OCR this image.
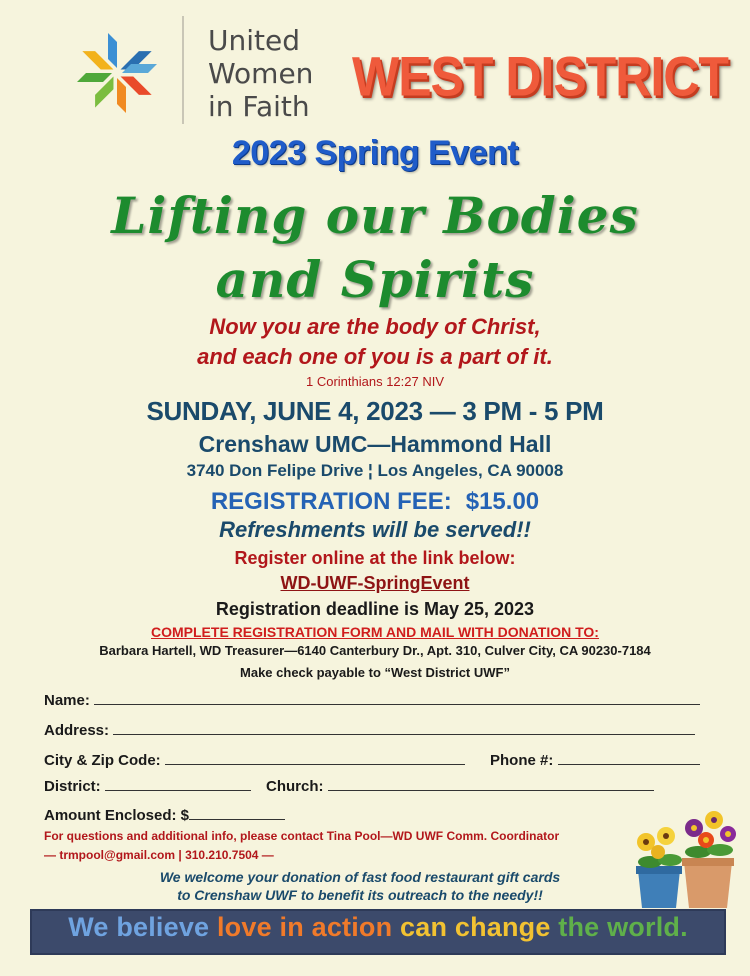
United
Women
in Faith WEST DISTRICT
2023 Spring Event
Lifting our Bodies
and Spirits
Now you are the body of Christ,
and each one of you is a part of it.
1 Corinthians 12:27 NIV
SUNDAY, JUNE 4, 2023 — 3 PM - 5 PM
Crenshaw UMC—Hammond Hall
3740 Don Felipe Drive ¦ Los Angeles, CA 90008
REGISTRATION FEE: $15.00
Refreshments will be served!!
Register online at the link below:
WD-UWF-SpringEvent
Registration deadline is May 25, 2023
COMPLETE REGISTRATION FORM AND MAIL WITH DONATION TO:
Barbara Hartell, WD Treasurer—6140 Canterbury Dr., Apt. 310, Culver City, CA 90230-7184
Make check payable to “West District UWF”
Name:
Address:
City & Zip Code:	Phone #:
District:	Church:
Amount Enclosed: $
For questions and additional info, please contact Tina Pool—WD UWF Comm. Coordinator
— trmpool@gmail.com | 310.210.7504 —
We welcome your donation of fast food restaurant gift cards
to Crenshaw UWF to benefit its outreach to the needy!!
We believe love in action can change the world.
